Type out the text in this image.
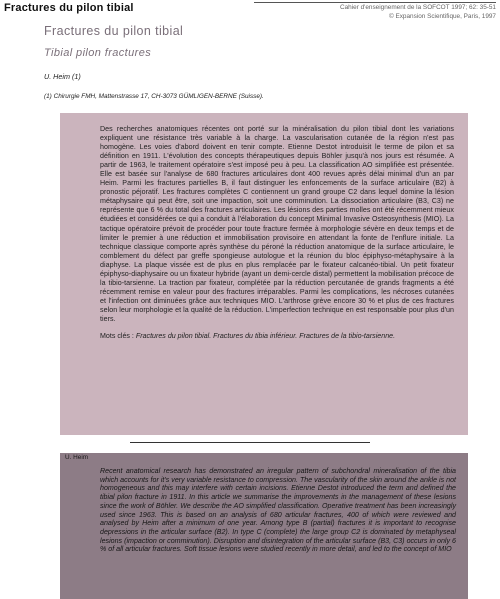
Fractures du pilon tibial	Cahier d'enseignement de la SOFCOT 1997; 62: 35-51
© Expansion Scientifique, Paris, 1997
Fractures du pilon tibial
Tibial pilon fractures
U. Heim (1)
(1) Chirurgie FMH, Mattenstrasse 17, CH-3073 GÜMLIGEN-BERNE (Suisse).

Des recherches anatomiques récentes ont porté sur la minéralisation du pilon tibial dont les variations expliquent une résistance très variable à la charge. La vascularisation cutanée de la région n'est pas homogène. Les voies d'abord doivent en tenir compte. Etienne Destot introduisit le terme de pilon et sa définition en 1911. L'évolution des concepts thérapeutiques depuis Böhler jusqu'à nos jours est résumée. A partir de 1963, le traitement opératoire s'est imposé peu à peu. La classification AO simplifiée est présentée. Elle est basée sur l'analyse de 680 fractures articulaires dont 400 revues après délai minimal d'un an par Heim. Parmi les fractures partielles B, il faut distinguer les enfoncements de la surface articulaire (B2) à pronostic péjoratif. Les fractures complètes C contiennent un grand groupe C2 dans lequel domine la lésion métaphysaire qui peut être, soit une impaction, soit une comminution. La dissociation articulaire (B3, C3) ne représente que 6 % du total des fractures articulaires. Les lésions des parties molles ont été récemment mieux étudiées et considérées ce qui a conduit à l'élaboration du concept Minimal Invasive Osteosynthesis (MIO). La tactique opératoire prévoit de procéder pour toute fracture fermée à morphologie sévère en deux temps et de limiter le premier à une réduction et immobilisation provisoire en attendant la fonte de l'enflure initiale. La technique classique comporte après synthèse du péroné la réduction anatomique de la surface articulaire, le comblement du défect par greffe spongieuse autologue et la réunion du bloc épiphyso-métaphysaire à la diaphyse. La plaque vissée est de plus en plus remplacée par le fixateur calcanéo-tibial. Un petit fixateur épiphyso-diaphysaire ou un fixateur hybride (ayant un demi-cercle distal) permettent la mobilisation précoce de la tibio-tarsienne. La traction par fixateur, complétée par la réduction percutanée de grands fragments a été récemment remise en valeur pour des fractures irréparables. Parmi les complications, les nécroses cutanées et l'infection ont diminuées grâce aux techniques MIO. L'arthrose grève encore 30 % et plus de ces fractures selon leur morphologie et la qualité de la réduction. L'imperfection technique en est responsable pour plus d'un tiers.

Mots clés : Fractures du pilon tibial. Fractures du tibia inférieur. Fractures de la tibio-tarsienne.

U. Heim

Recent anatomical research has demonstrated an irregular pattern of subchondral mineralisation of the tibia which accounts for it's very variable resistance to compression. The vascularity of the skin around the ankle is not homogeneous and this may interfere with certain incisions. Etienne Destot introduced the term and defined the tibial pilon fracture in 1911. In this article we summarise the improvements in the management of these lesions since the work of Böhler. We describe the AO simplified classification. Operative treatment has been increasingly used since 1963. This is based on an analysis of 680 articular fractures, 400 of which were reviewed and analysed by Heim after a minimum of one year. Among type B (partial) fractures it is important to recognise depressions in the articular surface (B2). In type C (complete) the large group C2 is dominated by metaphyseal lesions (impaction or comminution). Disruption and disintegration of the articular surface (B3, C3) occurs in only 6 % of all articular fractures. Soft tissue lesions were studied recently in more detail, and led to the concept of MIO
